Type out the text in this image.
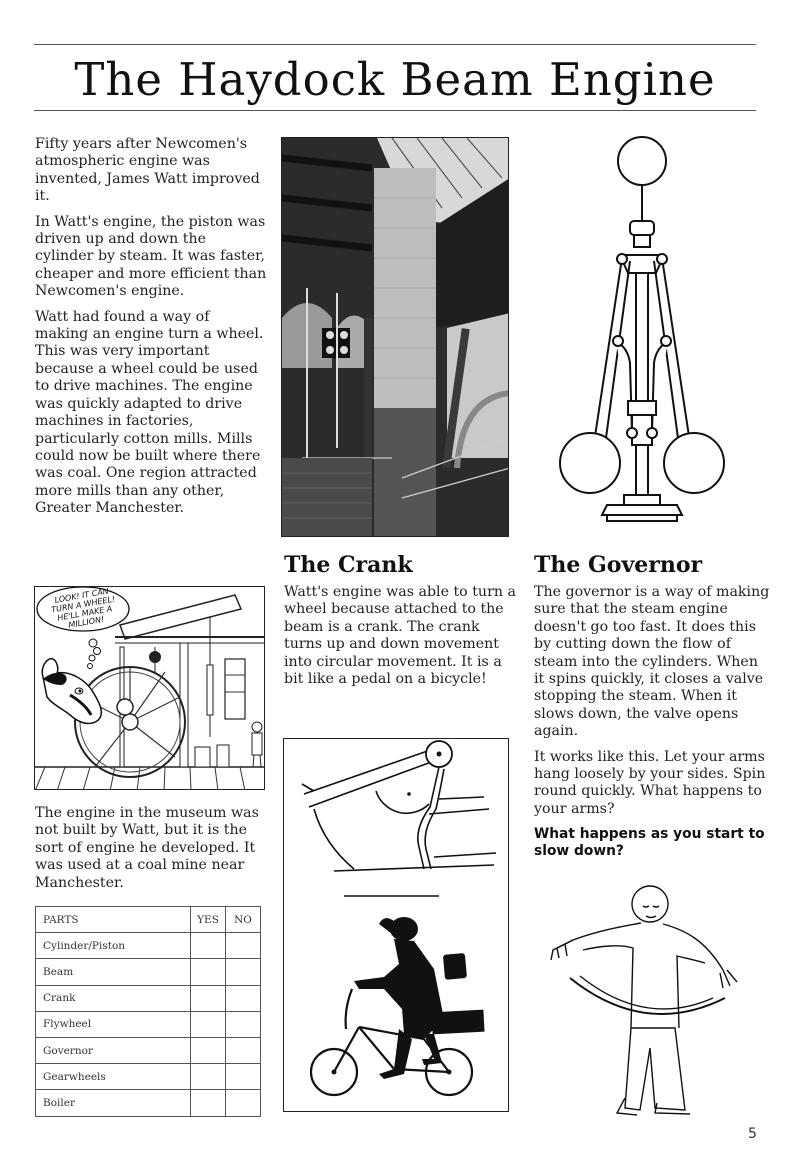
The Haydock Beam Engine

Fifty years after Newcomen's atmospheric engine was invented, James Watt improved it.

In Watt's engine, the piston was driven up and down the cylinder by steam. It was faster, cheaper and more efficient than Newcomen's engine.

Watt had found a way of making an engine turn a wheel. This was very important because a wheel could be used to drive machines. The engine was quickly adapted to drive machines in factories, particularly cotton mills. Mills could now be built where there was coal. One region attracted more mills than any other, Greater Manchester.

LOOK! IT CAN TURN A WHEEL! HE'LL MAKE A MILLION!

The engine in the museum was not built by Watt, but it is the sort of engine he developed. It was used at a coal mine near Manchester.

PARTS	YES	NO
Cylinder/Piston		
Beam		
Crank		
Flywheel		
Governor		
Gearwheels		
Boiler		
The Crank

Watt's engine was able to turn a wheel because attached to the beam is a crank. The crank turns up and down movement into circular movement. It is a bit like a pedal on a bicycle!

The Governor

The governor is a way of making sure that the steam engine doesn't go too fast. It does this by cutting down the flow of steam into the cylinders. When it spins quickly, it closes a valve stopping the steam. When it slows down, the valve opens again.

It works like this. Let your arms hang loosely by your sides. Spin round quickly. What happens to your arms?

What happens as you start to slow down?

5
